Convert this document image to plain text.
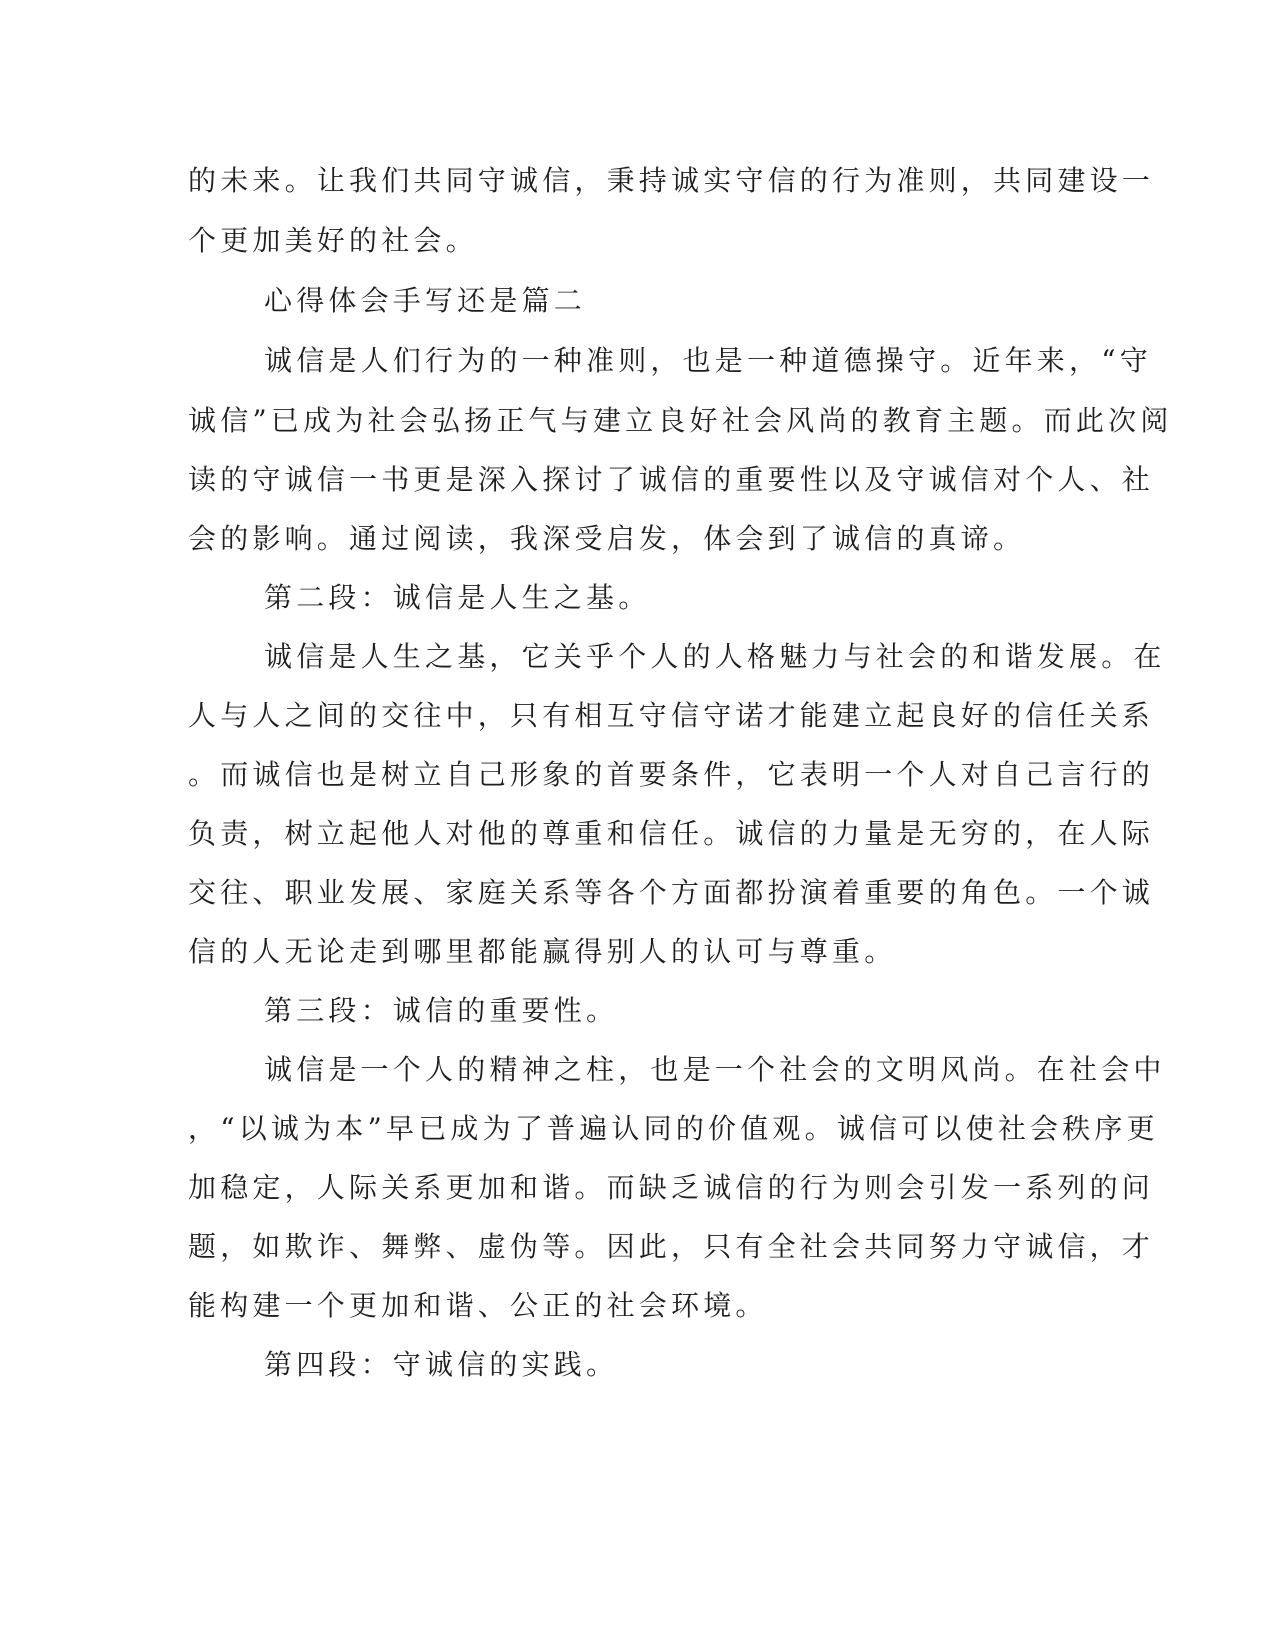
的未来。让我们共同守诚信，秉持诚实守信的行为准则，共同建设一
个更加美好的社会。
心得体会手写还是篇二
诚信是人们行为的一种准则，也是一种道德操守。近年来，“守
诚信”已成为社会弘扬正气与建立良好社会风尚的教育主题。而此次阅
读的守诚信一书更是深入探讨了诚信的重要性以及守诚信对个人、社
会的影响。通过阅读，我深受启发，体会到了诚信的真谛。
第二段：诚信是人生之基。
诚信是人生之基，它关乎个人的人格魅力与社会的和谐发展。在
人与人之间的交往中，只有相互守信守诺才能建立起良好的信任关系
。而诚信也是树立自己形象的首要条件，它表明一个人对自己言行的
负责，树立起他人对他的尊重和信任。诚信的力量是无穷的，在人际
交往、职业发展、家庭关系等各个方面都扮演着重要的角色。一个诚
信的人无论走到哪里都能赢得别人的认可与尊重。
第三段：诚信的重要性。
诚信是一个人的精神之柱，也是一个社会的文明风尚。在社会中
，“以诚为本”早已成为了普遍认同的价值观。诚信可以使社会秩序更
加稳定，人际关系更加和谐。而缺乏诚信的行为则会引发一系列的问
题，如欺诈、舞弊、虚伪等。因此，只有全社会共同努力守诚信，才
能构建一个更加和谐、公正的社会环境。
第四段：守诚信的实践。
